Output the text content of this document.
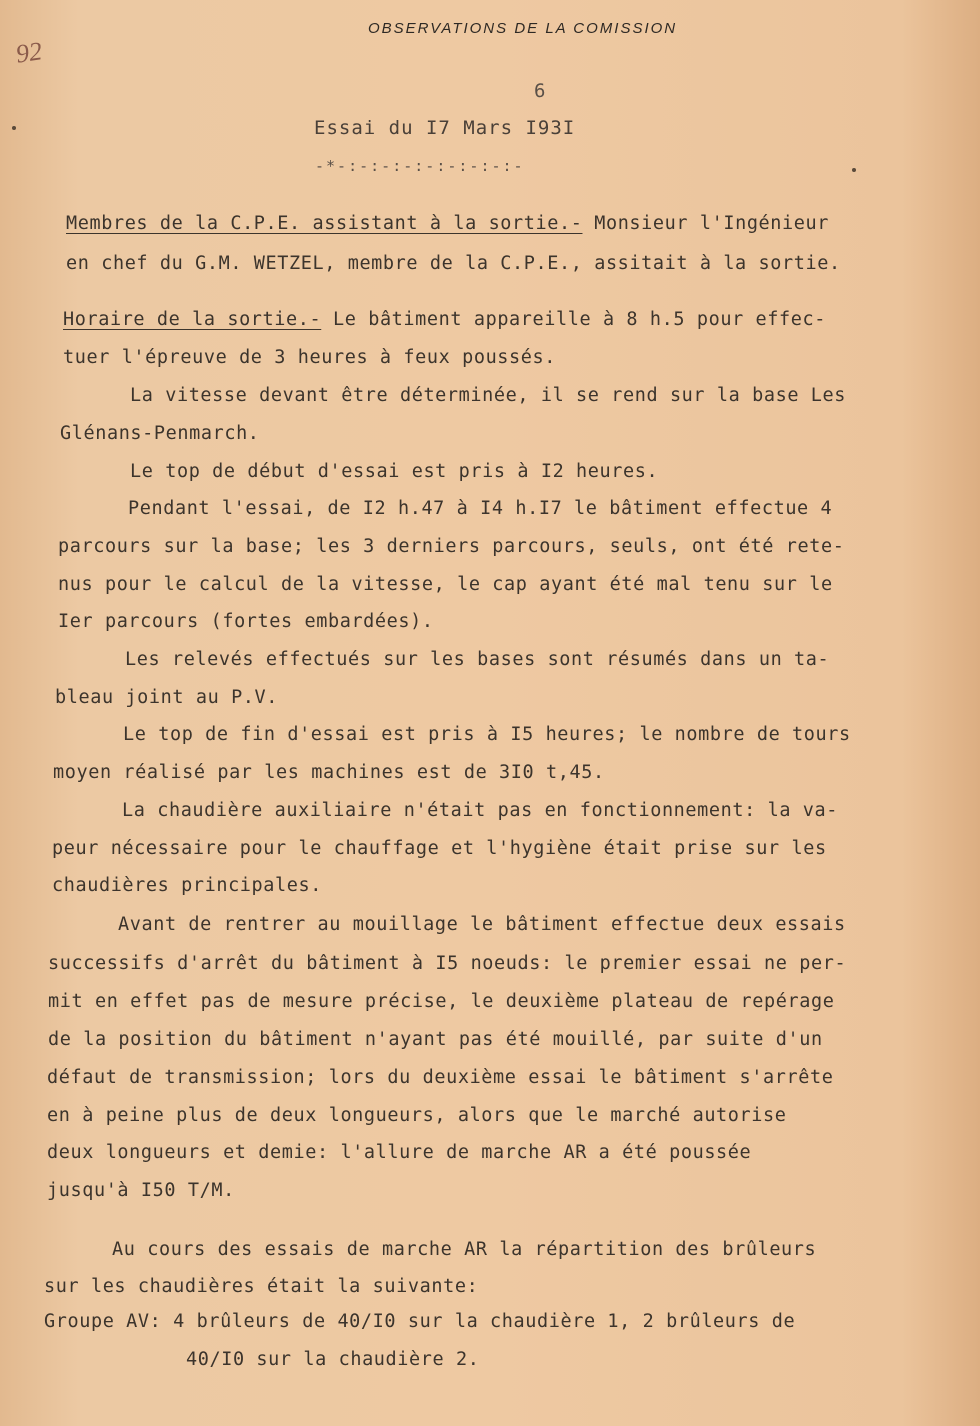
OBSERVATIONS DE LA COMISSION
92
6
Essai du I7 Mars I93I
-*-:-:-:-:-:-:-:-:-
Membres de la C.P.E. assistant à la sortie.- Monsieur l'Ingénieur
en chef du G.M. WETZEL, membre de la C.P.E., assitait à la sortie.
Horaire de la sortie.- Le bâtiment appareille à 8 h.5 pour effec-
tuer l'épreuve de 3 heures à feux poussés.
La vitesse devant être déterminée, il se rend sur la base Les
Glénans-Penmarch.
Le top de début d'essai est pris à I2 heures.
Pendant l'essai, de I2 h.47 à I4 h.I7 le bâtiment effectue 4
parcours sur la base; les 3 derniers parcours, seuls, ont été rete-
nus pour le calcul de la vitesse, le cap ayant été mal tenu sur le
Ier parcours (fortes embardées).
Les relevés effectués sur les bases sont résumés dans un ta-
bleau joint au P.V.
Le top de fin d'essai est pris à I5 heures; le nombre de tours
moyen réalisé par les machines est de 3I0 t,45.
La chaudière auxiliaire n'était pas en fonctionnement: la va-
peur nécessaire pour le chauffage et l'hygiène était prise sur les
chaudières principales.
Avant de rentrer au mouillage le bâtiment effectue deux essais
successifs d'arrêt du bâtiment à I5 noeuds: le premier essai ne per-
mit en effet pas de mesure précise, le deuxième plateau de repérage
de la position du bâtiment n'ayant pas été mouillé, par suite d'un
défaut de transmission; lors du deuxième essai le bâtiment s'arrête
en à peine plus de deux longueurs, alors que le marché autorise
deux longueurs et demie: l'allure de marche AR a été poussée
jusqu'à I50 T/M.
Au cours des essais de marche AR la répartition des brûleurs
sur les chaudières était la suivante:
Groupe AV: 4 brûleurs de 40/I0 sur la chaudière 1, 2 brûleurs de
40/I0 sur la chaudière 2.
